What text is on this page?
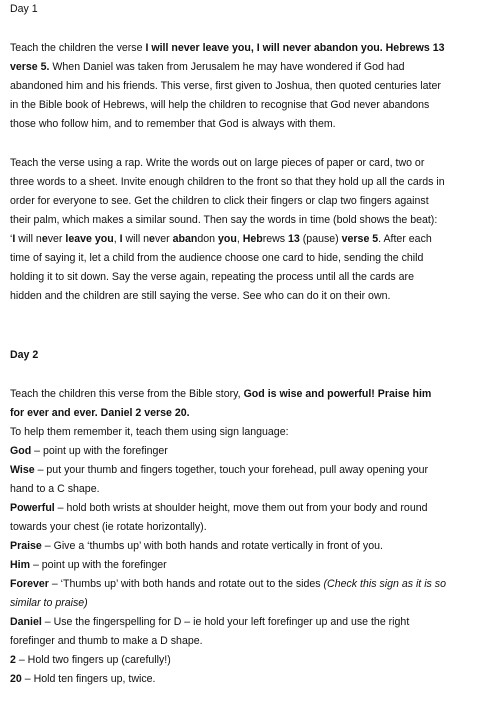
Day 1
Teach the children the verse I will never leave you, I will never abandon you. Hebrews 13
verse 5. When Daniel was taken from Jerusalem he may have wondered if God had
abandoned him and his friends. This verse, first given to Joshua, then quoted centuries later
in the Bible book of Hebrews, will help the children to recognise that God never abandons
those who follow him, and to remember that God is always with them.
Teach the verse using a rap. Write the words out on large pieces of paper or card, two or
three words to a sheet. Invite enough children to the front so that they hold up all the cards in
order for everyone to see. Get the children to click their fingers or clap two fingers against
their palm, which makes a similar sound. Then say the words in time (bold shows the beat):
‘I will never leave you, I will never abandon you, Hebrews 13 (pause) verse 5. After each
time of saying it, let a child from the audience choose one card to hide, sending the child
holding it to sit down. Say the verse again, repeating the process until all the cards are
hidden and the children are still saying the verse. See who can do it on their own.
Day 2
Teach the children this verse from the Bible story, God is wise and powerful! Praise him
for ever and ever. Daniel 2 verse 20.
To help them remember it, teach them using sign language:
God – point up with the forefinger
Wise – put your thumb and fingers together, touch your forehead, pull away opening your
hand to a C shape.
Powerful – hold both wrists at shoulder height, move them out from your body and round
towards your chest (ie rotate horizontally).
Praise – Give a ‘thumbs up’ with both hands and rotate vertically in front of you.
Him – point up with the forefinger
Forever – ‘Thumbs up’ with both hands and rotate out to the sides (Check this sign as it is so
similar to praise)
Daniel – Use the fingerspelling for D – ie hold your left forefinger up and use the right
forefinger and thumb to make a D shape.
2 – Hold two fingers up (carefully!)
20 – Hold ten fingers up, twice.
